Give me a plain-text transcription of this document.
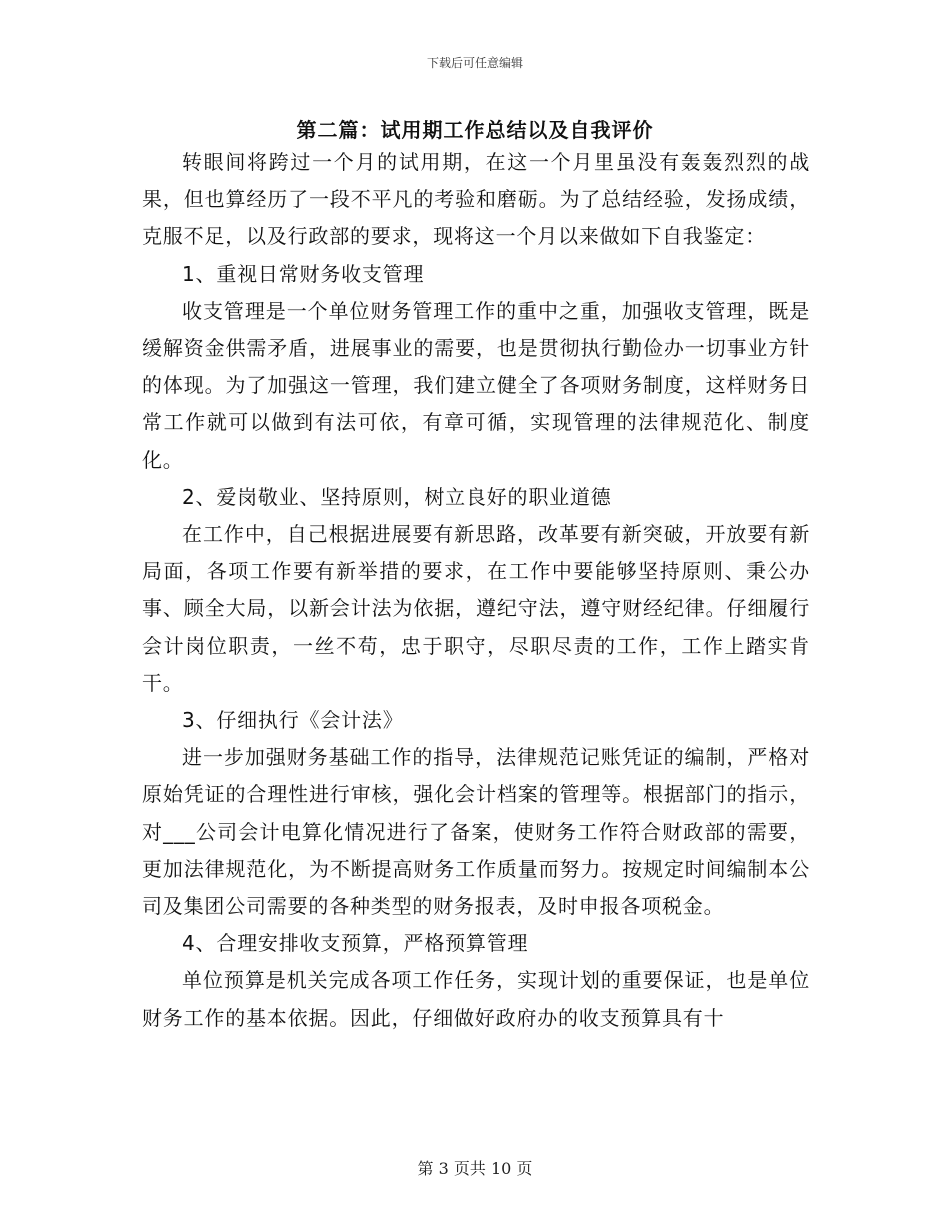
下载后可任意编辑
第二篇：试用期工作总结以及自我评价

转眼间将跨过一个月的试用期，在这一个月里虽没有轰轰烈烈的战果，但也算经历了一段不平凡的考验和磨砺。为了总结经验，发扬成绩，克服不足，以及行政部的要求，现将这一个月以来做如下自我鉴定：

1、重视日常财务收支管理

收支管理是一个单位财务管理工作的重中之重，加强收支管理，既是缓解资金供需矛盾，进展事业的需要，也是贯彻执行勤俭办一切事业方针的体现。为了加强这一管理，我们建立健全了各项财务制度，这样财务日常工作就可以做到有法可依，有章可循，实现管理的法律规范化、制度化。

2、爱岗敬业、坚持原则，树立良好的职业道德

在工作中，自己根据进展要有新思路，改革要有新突破，开放要有新局面，各项工作要有新举措的要求，在工作中要能够坚持原则、秉公办事、顾全大局，以新会计法为依据，遵纪守法，遵守财经纪律。仔细履行会计岗位职责，一丝不苟，忠于职守，尽职尽责的工作，工作上踏实肯干。

3、仔细执行《会计法》

进一步加强财务基础工作的指导，法律规范记账凭证的编制，严格对原始凭证的合理性进行审核，强化会计档案的管理等。根据部门的指示，对___公司会计电算化情况进行了备案，使财务工作符合财政部的需要，更加法律规范化，为不断提高财务工作质量而努力。按规定时间编制本公司及集团公司需要的各种类型的财务报表，及时申报各项税金。

4、合理安排收支预算，严格预算管理

单位预算是机关完成各项工作任务，实现计划的重要保证，也是单位财务工作的基本依据。因此，仔细做好政府办的收支预算具有十

第 3 页共 10 页
